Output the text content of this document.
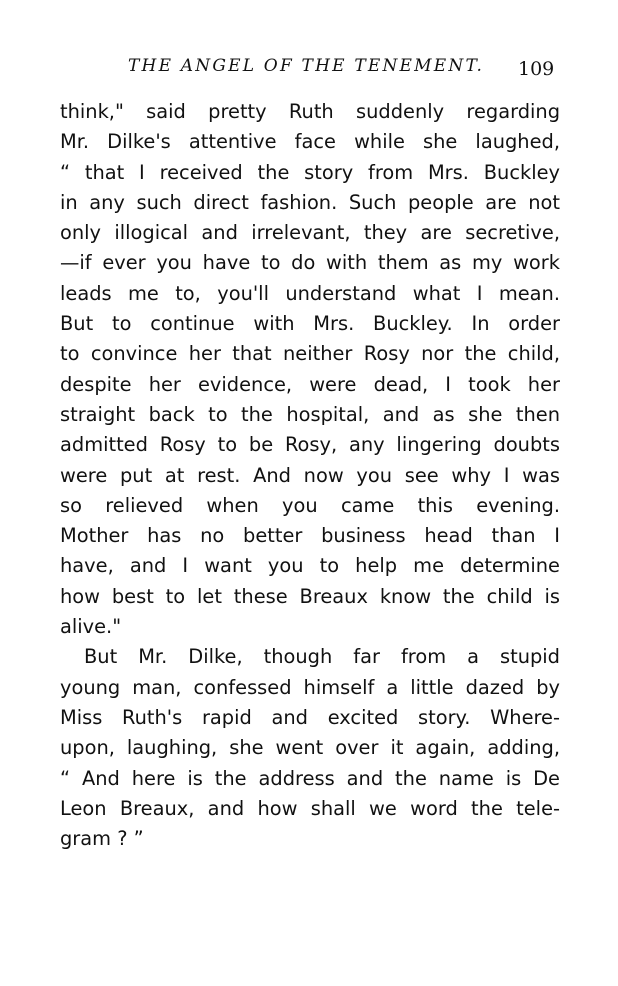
THE ANGEL OF THE TENEMENT. 109
think," said pretty Ruth suddenly regarding
Mr. Dilke's attentive face while she laughed,
“ that I received the story from Mrs. Buckley
in any such direct fashion. Such people are not
only illogical and irrelevant, they are secretive,
—if ever you have to do with them as my work
leads me to, you'll understand what I mean.
But to continue with Mrs. Buckley. In order
to convince her that neither Rosy nor the child,
despite her evidence, were dead, I took her
straight back to the hospital, and as she then
admitted Rosy to be Rosy, any lingering doubts
were put at rest. And now you see why I was
so relieved when you came this evening.
Mother has no better business head than I
have, and I want you to help me determine
how best to let these Breaux know the child is
alive."
But Mr. Dilke, though far from a stupid
young man, confessed himself a little dazed by
Miss Ruth's rapid and excited story. Where-
upon, laughing, she went over it again, adding,
“ And here is the address and the name is De
Leon Breaux, and how shall we word the tele-
gram ? ”
